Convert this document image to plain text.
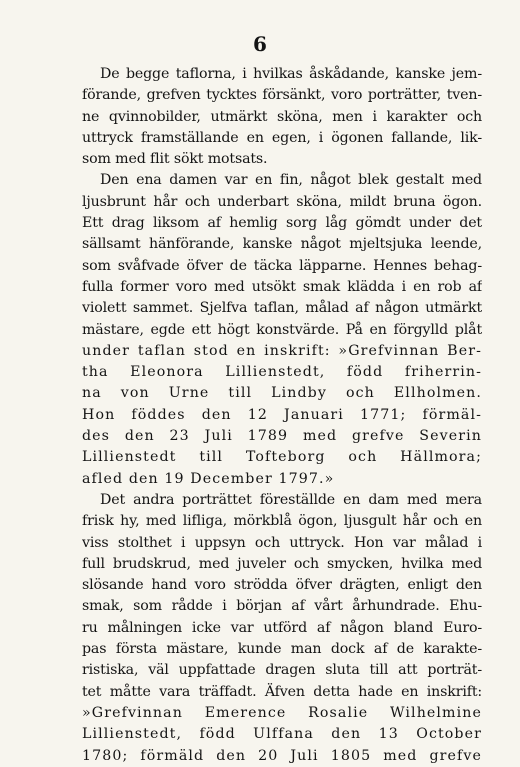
6
De begge taflorna, i hvilkas åskådande, kanske jem-
förande, grefven tycktes försänkt, voro porträtter, tven-
ne qvinnobilder, utmärkt sköna, men i karakter och
uttryck framställande en egen, i ögonen fallande, lik-
som med flit sökt motsats.
Den ena damen var en fin, något blek gestalt med
ljusbrunt hår och underbart sköna, mildt bruna ögon.
Ett drag liksom af hemlig sorg låg gömdt under det
sällsamt hänförande, kanske något mjeltsjuka leende,
som svåfvade öfver de täcka läpparne. Hennes behag-
fulla former voro med utsökt smak klädda i en rob af
violett sammet. Sjelfva taflan, målad af någon utmärkt
mästare, egde ett högt konstvärde. På en förgylld plåt
under taflan stod en inskrift: »Grefvinnan Ber-
tha Eleonora Lillienstedt, född friherrin-
na von Urne till Lindby och Ellholmen.
Hon föddes den 12 Januari 1771; förmäl-
des den 23 Juli 1789 med grefve Severin
Lillienstedt till Tofteborg och Hällmora;
afled den 19 December 1797.»
Det andra porträttet föreställde en dam med mera
frisk hy, med lifliga, mörkblå ögon, ljusgult hår och en
viss stolthet i uppsyn och uttryck. Hon var målad i
full brudskrud, med juveler och smycken, hvilka med
slösande hand voro strödda öfver drägten, enligt den
smak, som rådde i början af vårt århundrade. Ehu-
ru målningen icke var utförd af någon bland Euro-
pas första mästare, kunde man dock af de karakte-
ristiska, väl uppfattade dragen sluta till att porträt-
tet måtte vara träffadt. Äfven detta hade en inskrift:
»Grefvinnan Emerence Rosalie Wilhelmine
Lillienstedt, född Ulffana den 13 October
1780; förmäld den 20 Juli 1805 med grefve
